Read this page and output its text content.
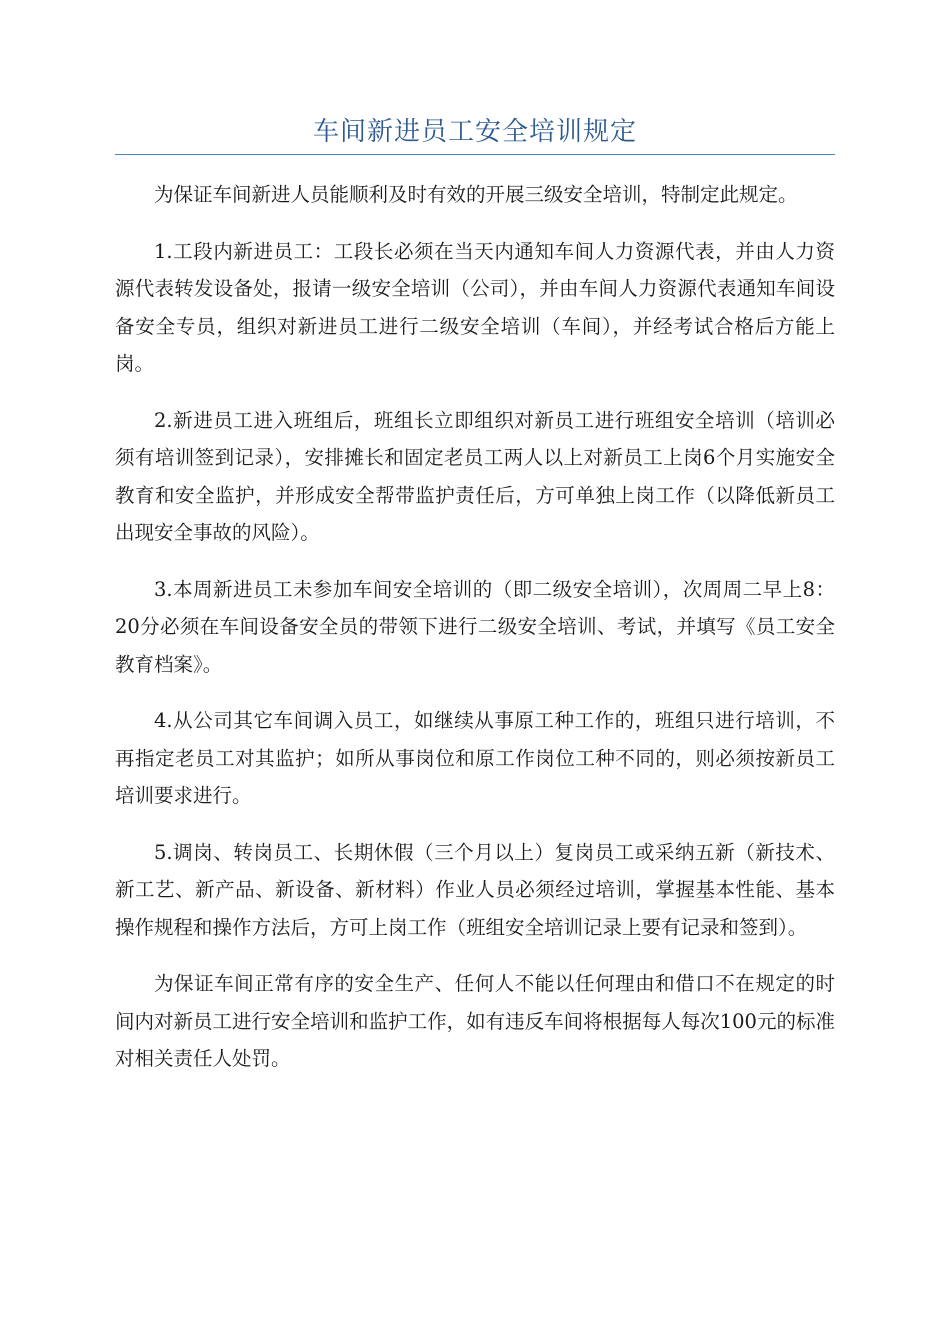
车间新进员工安全培训规定

为保证车间新进人员能顺利及时有效的开展三级安全培训，特制定此规定。

1.工段内新进员工：工段长必须在当天内通知车间人力资源代表，并由人力资源代表转发设备处，报请一级安全培训（公司），并由车间人力资源代表通知车间设备安全专员，组织对新进员工进行二级安全培训（车间），并经考试合格后方能上岗。

2.新进员工进入班组后，班组长立即组织对新员工进行班组安全培训（培训必须有培训签到记录），安排摊长和固定老员工两人以上对新员工上岗6个月实施安全教育和安全监护，并形成安全帮带监护责任后，方可单独上岗工作（以降低新员工出现安全事故的风险）。

3.本周新进员工未参加车间安全培训的（即二级安全培训），次周周二早上8：20分必须在车间设备安全员的带领下进行二级安全培训、考试，并填写《员工安全教育档案》。

4.从公司其它车间调入员工，如继续从事原工种工作的，班组只进行培训，不再指定老员工对其监护；如所从事岗位和原工作岗位工种不同的，则必须按新员工培训要求进行。

5.调岗、转岗员工、长期休假（三个月以上）复岗员工或采纳五新（新技术、新工艺、新产品、新设备、新材料）作业人员必须经过培训，掌握基本性能、基本操作规程和操作方法后，方可上岗工作（班组安全培训记录上要有记录和签到）。

为保证车间正常有序的安全生产、任何人不能以任何理由和借口不在规定的时间内对新员工进行安全培训和监护工作，如有违反车间将根据每人每次100元的标准对相关责任人处罚。
